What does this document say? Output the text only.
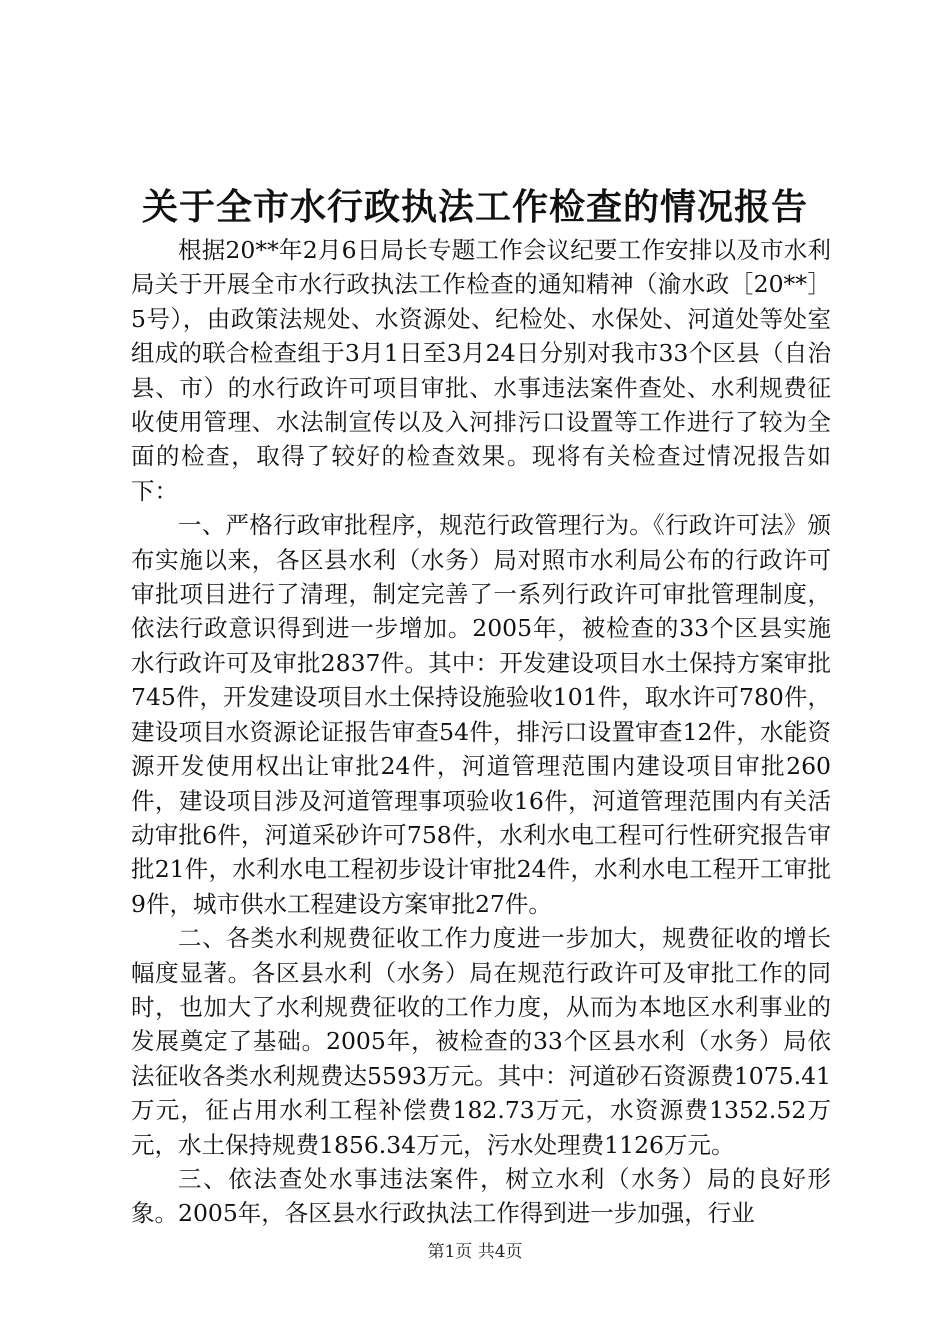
关于全市水行政执法工作检查的情况报告

根据20**年2月6日局长专题工作会议纪要工作安排以及市水利局关于开展全市水行政执法工作检查的通知精神（渝水政［20**］5号），由政策法规处、水资源处、纪检处、水保处、河道处等处室组成的联合检查组于3月1日至3月24日分别对我市33个区县（自治县、市）的水行政许可项目审批、水事违法案件查处、水利规费征收使用管理、水法制宣传以及入河排污口设置等工作进行了较为全面的检查，取得了较好的检查效果。现将有关检查过情况报告如下：

一、严格行政审批程序，规范行政管理行为。《行政许可法》颁布实施以来，各区县水利（水务）局对照市水利局公布的行政许可审批项目进行了清理，制定完善了一系列行政许可审批管理制度，依法行政意识得到进一步增加。2005年，被检查的33个区县实施水行政许可及审批2837件。其中：开发建设项目水土保持方案审批745件，开发建设项目水土保持设施验收101件，取水许可780件，建设项目水资源论证报告审查54件，排污口设置审查12件，水能资源开发使用权出让审批24件，河道管理范围内建设项目审批260件，建设项目涉及河道管理事项验收16件，河道管理范围内有关活动审批6件，河道采砂许可758件，水利水电工程可行性研究报告审批21件，水利水电工程初步设计审批24件，水利水电工程开工审批9件，城市供水工程建设方案审批27件。

二、各类水利规费征收工作力度进一步加大，规费征收的增长幅度显著。各区县水利（水务）局在规范行政许可及审批工作的同时，也加大了水利规费征收的工作力度，从而为本地区水利事业的发展奠定了基础。2005年，被检查的33个区县水利（水务）局依法征收各类水利规费达5593万元。其中：河道砂石资源费1075.41万元，征占用水利工程补偿费182.73万元，水资源费1352.52万元，水土保持规费1856.34万元，污水处理费1126万元。

三、依法查处水事违法案件，树立水利（水务）局的良好形象。2005年，各区县水行政执法工作得到进一步加强，行业

第1页 共4页
